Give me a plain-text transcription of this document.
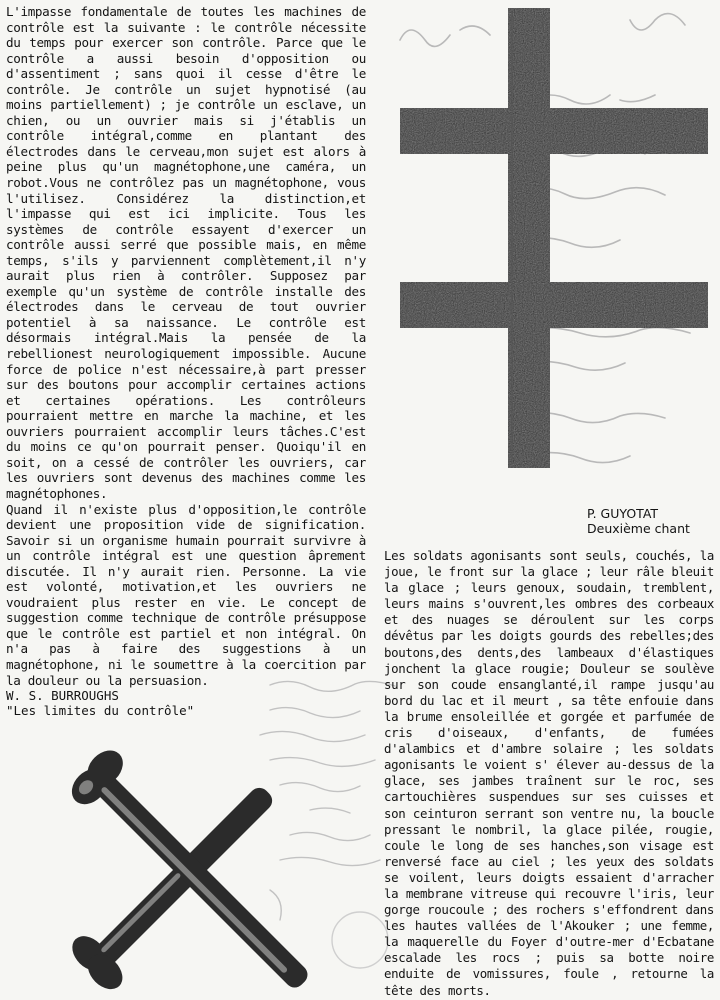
L'impasse fondamentale de toutes les machines de contrôle est la suivante : le contrôle nécessite du temps pour exercer son contrôle. Parce que le contrôle a aussi besoin d'opposition ou d'assentiment ; sans quoi il cesse d'être le contrôle. Je contrôle un sujet hypnotisé (au moins partiellement) ; je contrôle un esclave, un chien, ou un ouvrier mais si j'établis un contrôle intégral,comme en plantant des électrodes dans le cerveau,mon sujet est alors à peine plus qu'un magnétophone,une caméra, un robot.Vous ne contrôlez pas un magnétophone, vous l'utilisez. Considérez la distinction,et l'impasse qui est ici implicite. Tous les systèmes de contrôle essayent d'exercer un contrôle aussi serré que possible mais, en même temps, s'ils y parviennent complètement,il n'y aurait plus rien à contrôler. Supposez par exemple qu'un système de contrôle installe des électrodes dans le cerveau de tout ouvrier potentiel à sa naissance. Le contrôle est désormais intégral.Mais la pensée de la rebellionest neurologiquement impossible. Aucune force de police n'est nécessaire,à part presser sur des boutons pour accomplir certaines actions et certaines opérations. Les contrôleurs pourraient mettre en marche la machine, et les ouvriers pourraient accomplir leurs tâches.C'est du moins ce qu'on pourrait penser. Quoiqu'il en soit, on a cessé de contrôler les ouvriers, car les ouvriers sont devenus des machines comme les magnétophones.

Quand il n'existe plus d'opposition,le contrôle devient une proposition vide de signification. Savoir si un organisme humain pourrait survivre à un contrôle intégral est une question âprement discutée. Il n'y aurait rien. Personne. La vie est volonté, motivation,et les ouvriers ne voudraient plus rester en vie. Le concept de suggestion comme technique de contrôle présuppose que le contrôle est partiel et non intégral. On n'a pas à faire des suggestions à un magnétophone, ni le soumettre à la coercition par la douleur ou la persuasion.

W. S. BURROUGHS
"Les limites du contrôle"
P. GUYOTAT
Deuxième chant

Les soldats agonisants sont seuls, couchés, la joue, le front sur la glace ; leur râle bleuit la glace ; leurs genoux, soudain, tremblent, leurs mains s'ouvrent,les ombres des corbeaux et des nuages se déroulent sur les corps dévêtus par les doigts gourds des rebelles;des boutons,des dents,des lambeaux d'élastiques jonchent la glace rougie; Douleur se soulève sur son coude ensanglanté,il rampe jusqu'au bord du lac et il meurt , sa tête enfouie dans la brume ensoleillée et gorgée et parfumée de cris d'oiseaux, d'enfants, de fumées d'alambics et d'ambre solaire ; les soldats agonisants le voient s' élever au-dessus de la glace, ses jambes traînent sur le roc, ses cartouchières suspendues sur ses cuisses et son ceinturon serrant son ventre nu, la boucle pressant le nombril, la glace pilée, rougie, coule le long de ses hanches,son visage est renversé face au ciel ; les yeux des soldats se voilent, leurs doigts essaient d'arracher la membrane vitreuse qui recouvre l'iris, leur gorge roucoule ; des rochers s'effondrent dans les hautes vallées de l'Akouker ; une femme, la maquerelle du Foyer d'outre-mer d'Ecbatane escalade les rocs ; puis sa botte noire enduite de vomissures, foule , retourne la tête des morts.
